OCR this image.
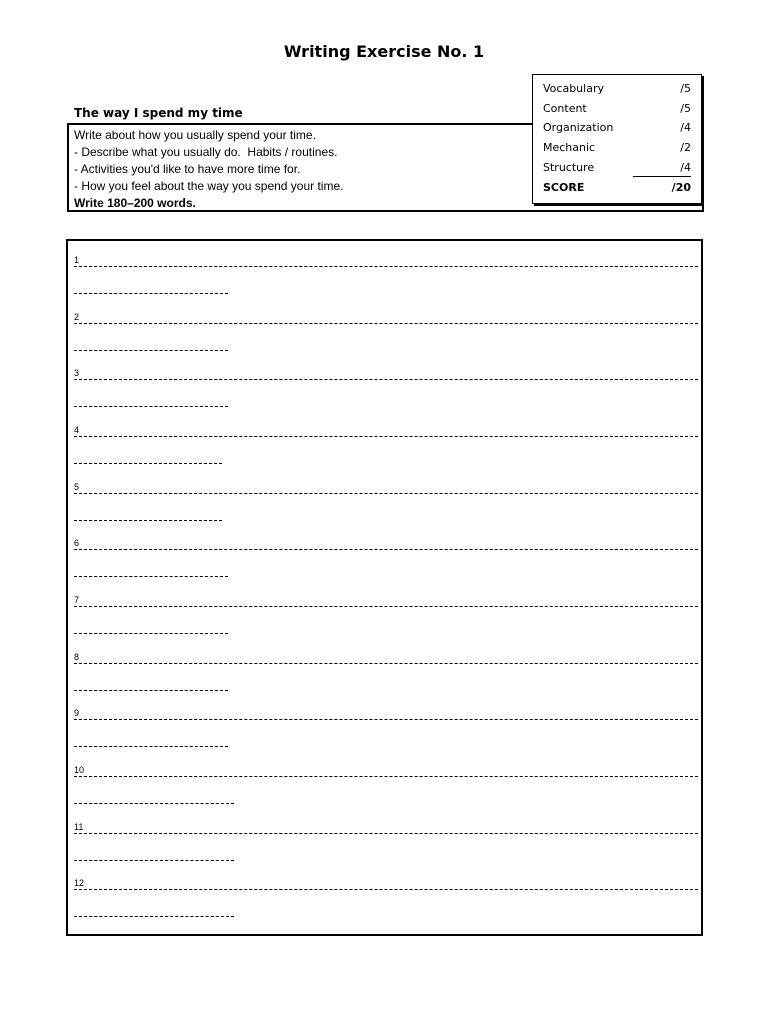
Writing Exercise No. 1
The way I spend my time
Write about how you usually spend your time.
- Describe what you usually do.  Habits / routines.
- Activities you'd like to have more time for.
- How you feel about the way you spend your time.
Write 180–200 words.
Vocabulary	/5
Content	/5
Organization	/4
Mechanic	/2
Structure	/4
SCORE	/20
1
2
3
4
5
6
7
8
9
10
11
12
